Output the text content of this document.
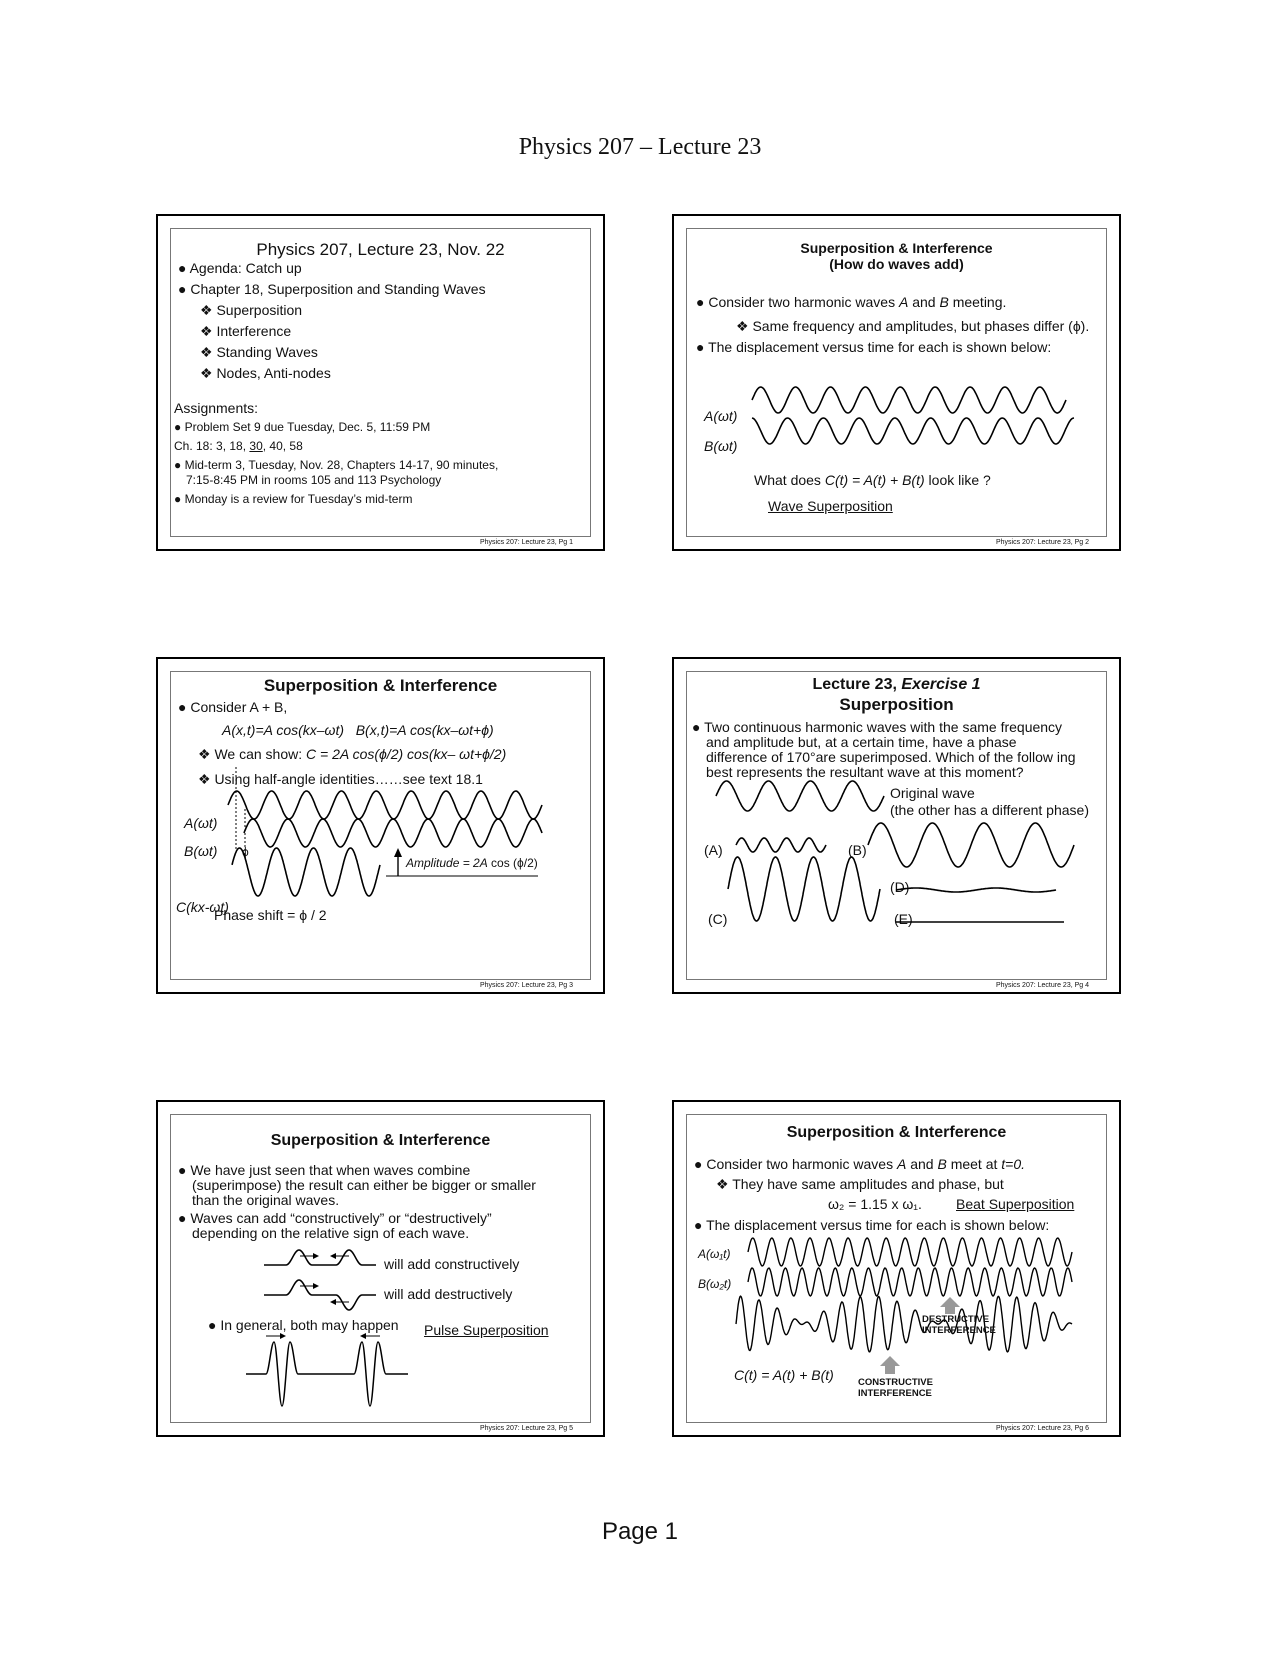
Physics 207 – Lecture 23
Physics 207, Lecture 23, Nov. 22
● Agenda: Catch up
● Chapter 18, Superposition and Standing Waves
❖ Superposition
❖ Interference
❖ Standing Waves
❖ Nodes, Anti-nodes
Assignments:
● Problem Set 9 due Tuesday, Dec. 5, 11:59 PM
Ch. 18: 3, 18, 30, 40, 58
● Mid-term 3, Tuesday, Nov. 28, Chapters 14-17, 90 minutes,
7:15-8:45 PM in rooms 105 and 113 Psychology
● Monday is a review for Tuesday’s mid-term
Physics 207: Lecture 23, Pg 1
Superposition & Interference
(How do waves add)
● Consider two harmonic waves A and B meeting.
❖ Same frequency and amplitudes, but phases differ (ϕ).
● The displacement versus time for each is shown below:
A(ωt)
B(ωt)
What does C(t) = A(t) + B(t) look like ?
Wave Superposition
Physics 207: Lecture 23, Pg 2
Superposition & Interference
● Consider A + B,
A(x,t)=A cos(kx–ωt) B(x,t)=A cos(kx–ωt+ϕ)
❖ We can show: C = 2A cos(ϕ/2) cos(kx– ωt+ϕ/2)
❖ Using half-angle identities……see text 18.1
A(ωt)
B(ωt)
C(kx-ωt)
ϕ
Amplitude = 2A cos (ϕ/2)
Phase shift = ϕ / 2
Physics 207: Lecture 23, Pg 3
Lecture 23, Exercise 1
Superposition
● Two continuous harmonic waves with the same frequency
and amplitude but, at a certain time, have a phase
difference of 170°are superimposed. Which of the follow ing
best represents the resultant wave at this moment?
Original wave
(the other has a different phase)
(A)	(B)
(C)
(D)
(E)
Physics 207: Lecture 23, Pg 4
Superposition & Interference
● We have just seen that when waves combine
(superimpose) the result can either be bigger or smaller
than the original waves.
● Waves can add “constructively” or “destructively”
depending on the relative sign of each wave.
will add constructively
will add destructively
● In general, both may happen Pulse Superposition
Physics 207: Lecture 23, Pg 5
Superposition & Interference
● Consider two harmonic waves A and B meet at t=0.
❖ They have same amplitudes and phase, but
ω₂ = 1.15 x ω₁. Beat Superposition
● The displacement versus time for each is shown below:
A(ω₁t)
B(ω₂t)
C(t) = A(t) + B(t)
DESTRUCTIVE
INTERFERENCE
CONSTRUCTIVE
INTERFERENCE
Physics 207: Lecture 23, Pg 6
Page 1
